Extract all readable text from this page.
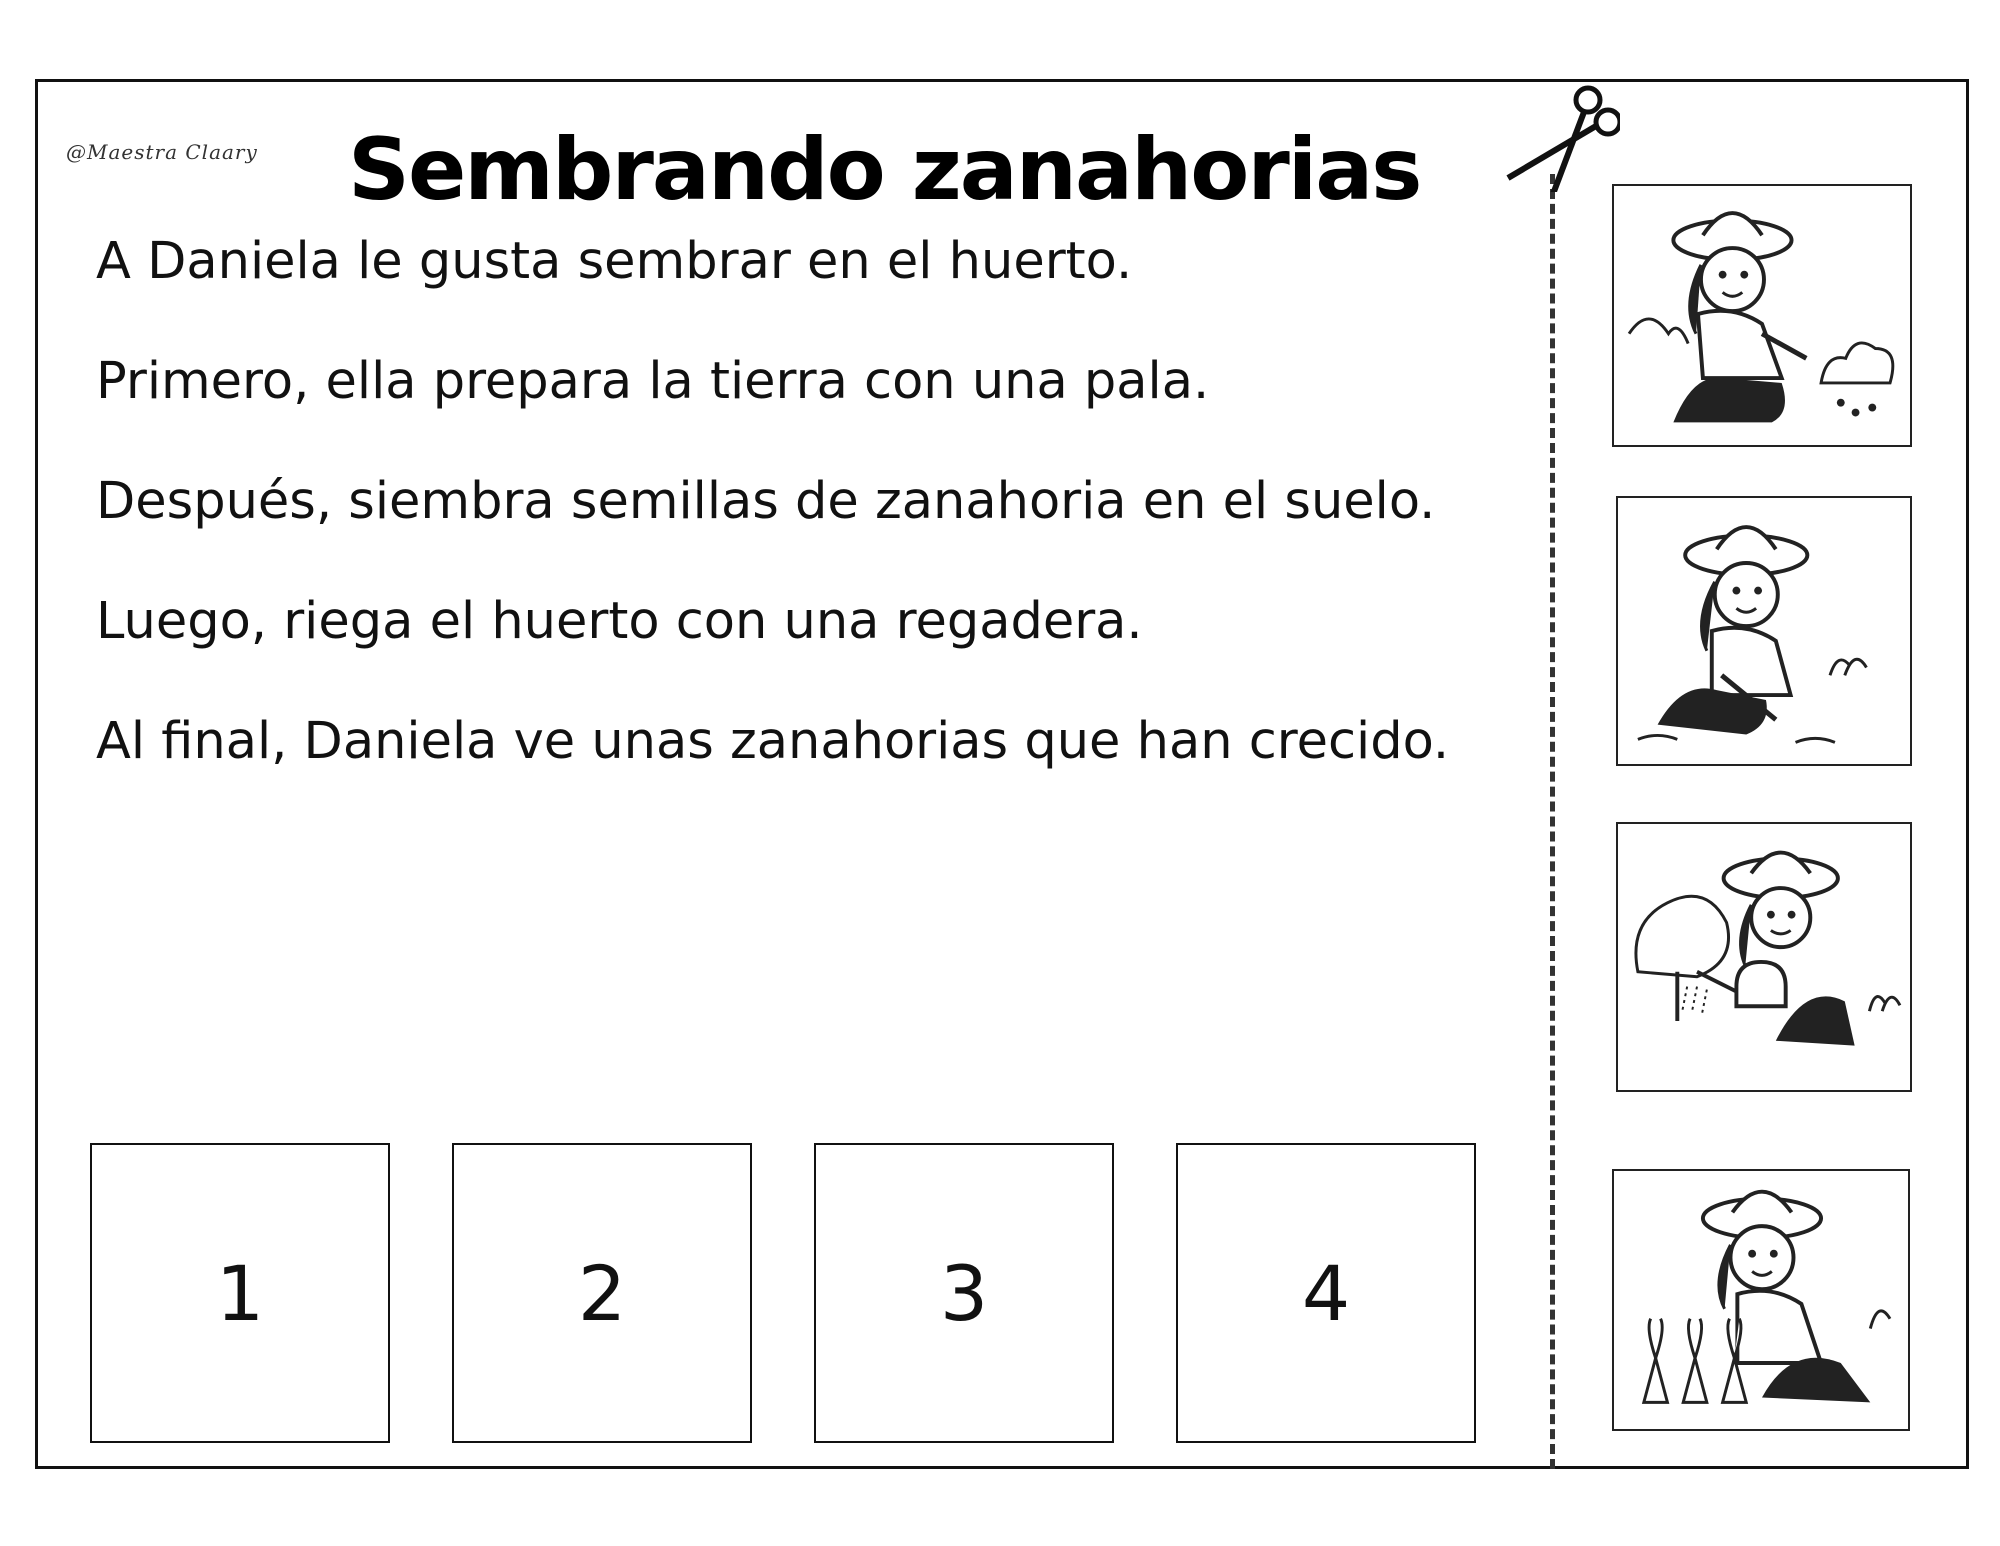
@Maestra Claary Sembrando zanahorias

A Daniela le gusta sembrar en el huerto.

Primero, ella prepara la tierra con una pala.

Después, siembra semillas de zanahoria en el suelo.

Luego, riega el huerto con una regadera.

Al final, Daniela ve unas zanahorias que han crecido.

1	2	3	4
